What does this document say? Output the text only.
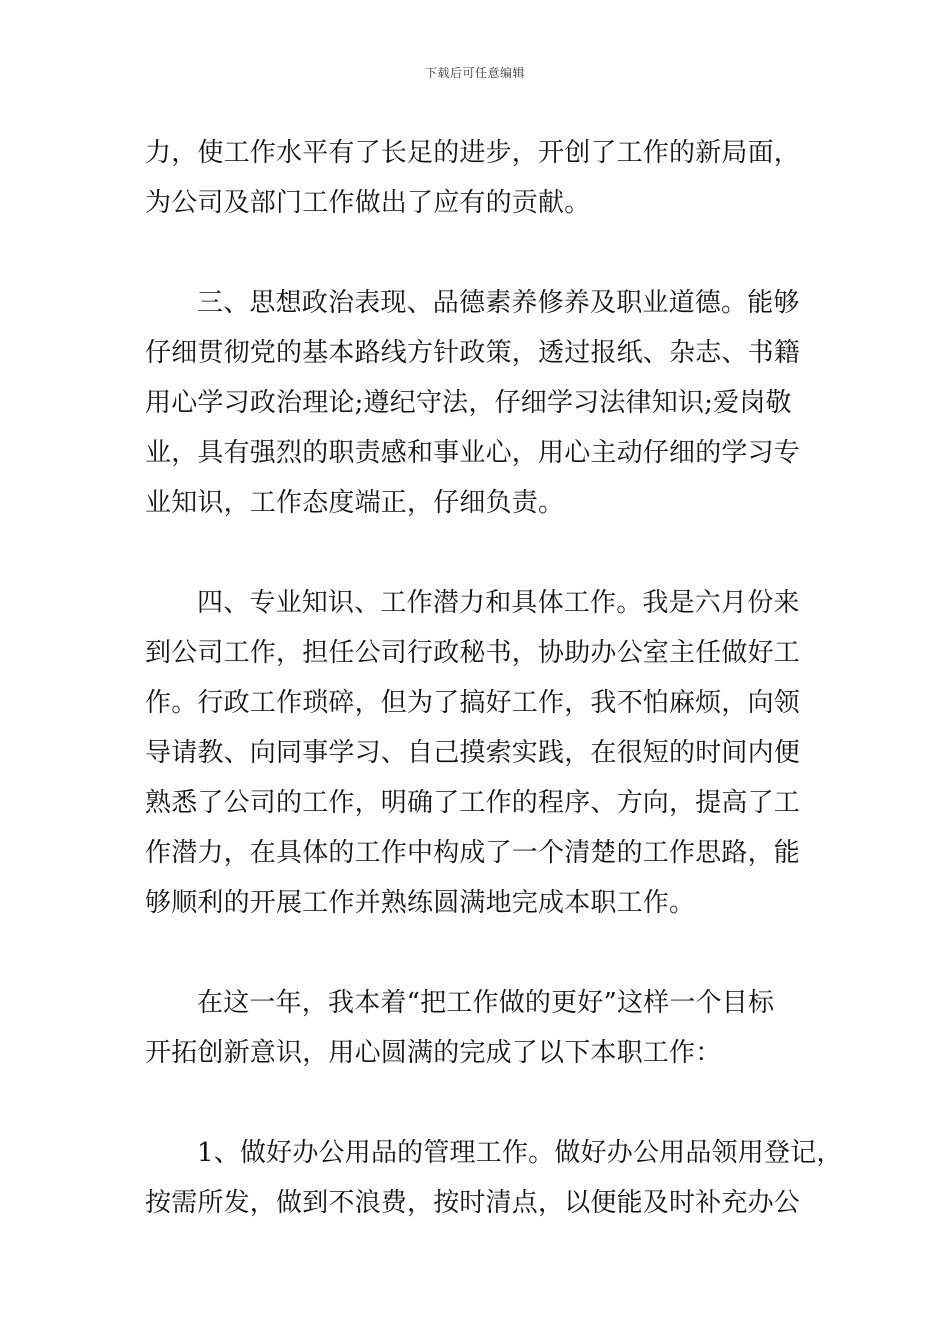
下载后可任意编辑
力，使工作水平有了长足的进步，开创了工作的新局面，
为公司及部门工作做出了应有的贡献。
三、思想政治表现、品德素养修养及职业道德。能够
仔细贯彻党的基本路线方针政策，透过报纸、杂志、书籍
用心学习政治理论;遵纪守法，仔细学习法律知识;爱岗敬
业，具有强烈的职责感和事业心，用心主动仔细的学习专
业知识，工作态度端正，仔细负责。
四、专业知识、工作潜力和具体工作。我是六月份来
到公司工作，担任公司行政秘书，协助办公室主任做好工
作。行政工作琐碎，但为了搞好工作，我不怕麻烦，向领
导请教、向同事学习、自己摸索实践，在很短的时间内便
熟悉了公司的工作，明确了工作的程序、方向，提高了工
作潜力，在具体的工作中构成了一个清楚的工作思路，能
够顺利的开展工作并熟练圆满地完成本职工作。
在这一年，我本着“把工作做的更好”这样一个目标
开拓创新意识，用心圆满的完成了以下本职工作：
1、做好办公用品的管理工作。做好办公用品领用登记，
按需所发，做到不浪费，按时清点，以便能及时补充办公
